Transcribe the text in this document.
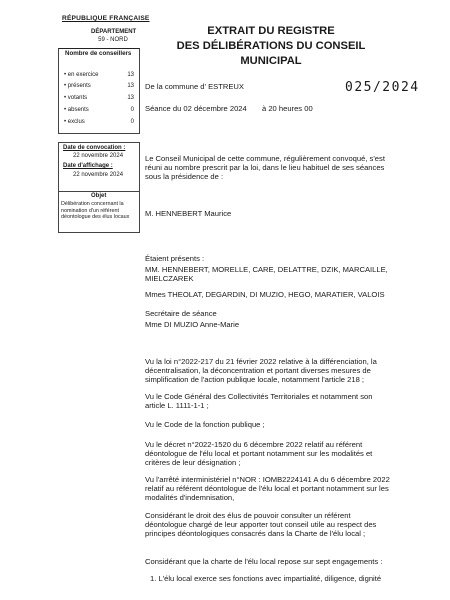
RÉPUBLIQUE FRANÇAISE
DÉPARTEMENT
59 - NORD
Nombre de conseillers
• en exercice	13
• présents	13
• votants	13
• absents	0
• exclus	0
Date de convocation :
22 novembre 2024
Date d'affichage :
22 novembre 2024
Objet
Délibération concernant la nomination d'un référent déontologue des élus locaux
EXTRAIT DU REGISTRE
DES DÉLIBÉRATIONS DU CONSEIL
MUNICIPAL
De la commune d' ESTREUX	025/2024
Séance du 02 décembre 2024 à 20 heures 00
Le Conseil Municipal de cette commune, régulièrement convoqué, s'est réuni au nombre prescrit par la loi, dans le lieu habituel de ses séances sous la présidence de :
M. HENNEBERT Maurice
Étaient présents :
MM. HENNEBERT, MORELLE, CARE, DELATTRE, DZIK, MARCAILLE, MIELCZAREK
Mmes THEOLAT, DEGARDIN, DI MUZIO, HEGO, MARATIER, VALOIS
Secrétaire de séance
Mme DI MUZIO Anne-Marie
Vu la loi n°2022-217 du 21 février 2022 relative à la différenciation, la décentralisation, la déconcentration et portant diverses mesures de simplification de l'action publique locale, notamment l'article 218 ;
Vu le Code Général des Collectivités Territoriales et notamment son article L. 1111-1-1 ;
Vu le Code de la fonction publique ;
Vu le décret n°2022-1520 du 6 décembre 2022 relatif au référent déontologue de l'élu local et portant notamment sur les modalités et critères de leur désignation ;
Vu l'arrêté interministériel n°NOR : IOMB2224141 A du 6 décembre 2022 relatif au référent déontologue de l'élu local et portant notamment sur les modalités d'indemnisation,
Considérant le droit des élus de pouvoir consulter un référent déontologue chargé de leur apporter tout conseil utile au respect des principes déontologiques consacrés dans la Charte de l'élu local ;
Considérant que la charte de l'élu local repose sur sept engagements :
1. L'élu local exerce ses fonctions avec impartialité, diligence, dignité
